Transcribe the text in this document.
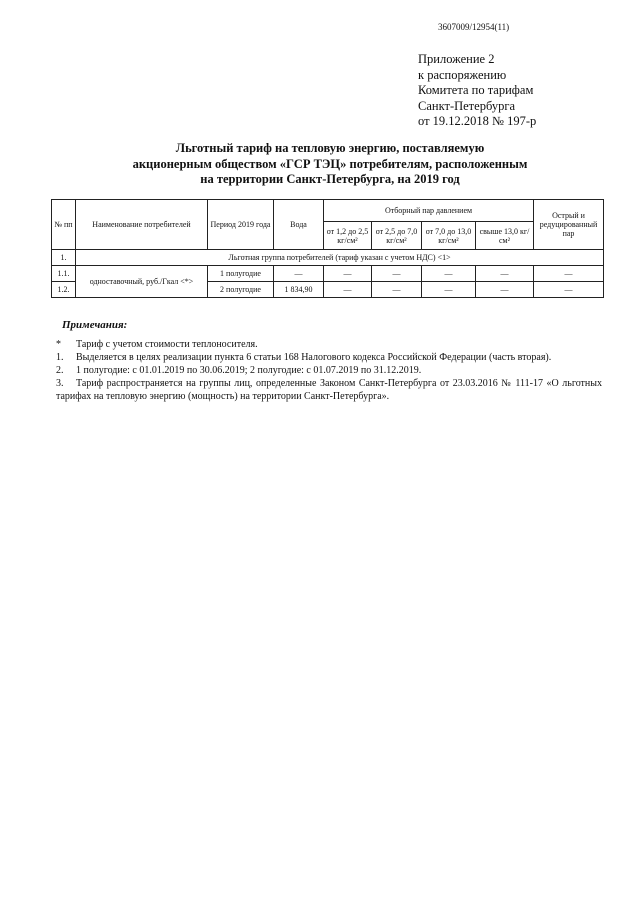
3607009/12954(11)
Приложение 2
к распоряжению
Комитета по тарифам
Санкт-Петербурга
от 19.12.2018 № 197-р
Льготный тариф на тепловую энергию, поставляемую
акционерным обществом «ГСР ТЭЦ» потребителям, расположенным
на территории Санкт-Петербурга, на 2019 год
№ пп	Наименование потребителей	Период 2019 года	Вода	Отборный пар давлением				Острый и редуцированный пар
				от 1,2 до 2,5 кг/см²	от 2,5 до 7,0 кг/см²	от 7,0 до 13,0 кг/см²	свыше 13,0 кг/см²	
1.	Льготная группа потребителей (тариф указан с учетом НДС) <1>							
1.1.	одноставочный, руб./Гкал <*>	1 полугодие	—	—	—	—	—	—
1.2.		2 полугодие	1 834,90	—	—	—	—	—
Примечания:
*	Тариф с учетом стоимости теплоносителя.
1.	Выделяется в целях реализации пункта 6 статьи 168 Налогового кодекса Российской Федерации (часть вторая).
2.	1 полугодие: с 01.01.2019 по 30.06.2019; 2 полугодие: с 01.07.2019 по 31.12.2019.
3. Тариф распространяется на группы лиц, определенные Законом Санкт-Петербурга от 23.03.2016 № 111-17 «О льготных тарифах на тепловую энергию (мощность) на территории Санкт-Петербурга».
